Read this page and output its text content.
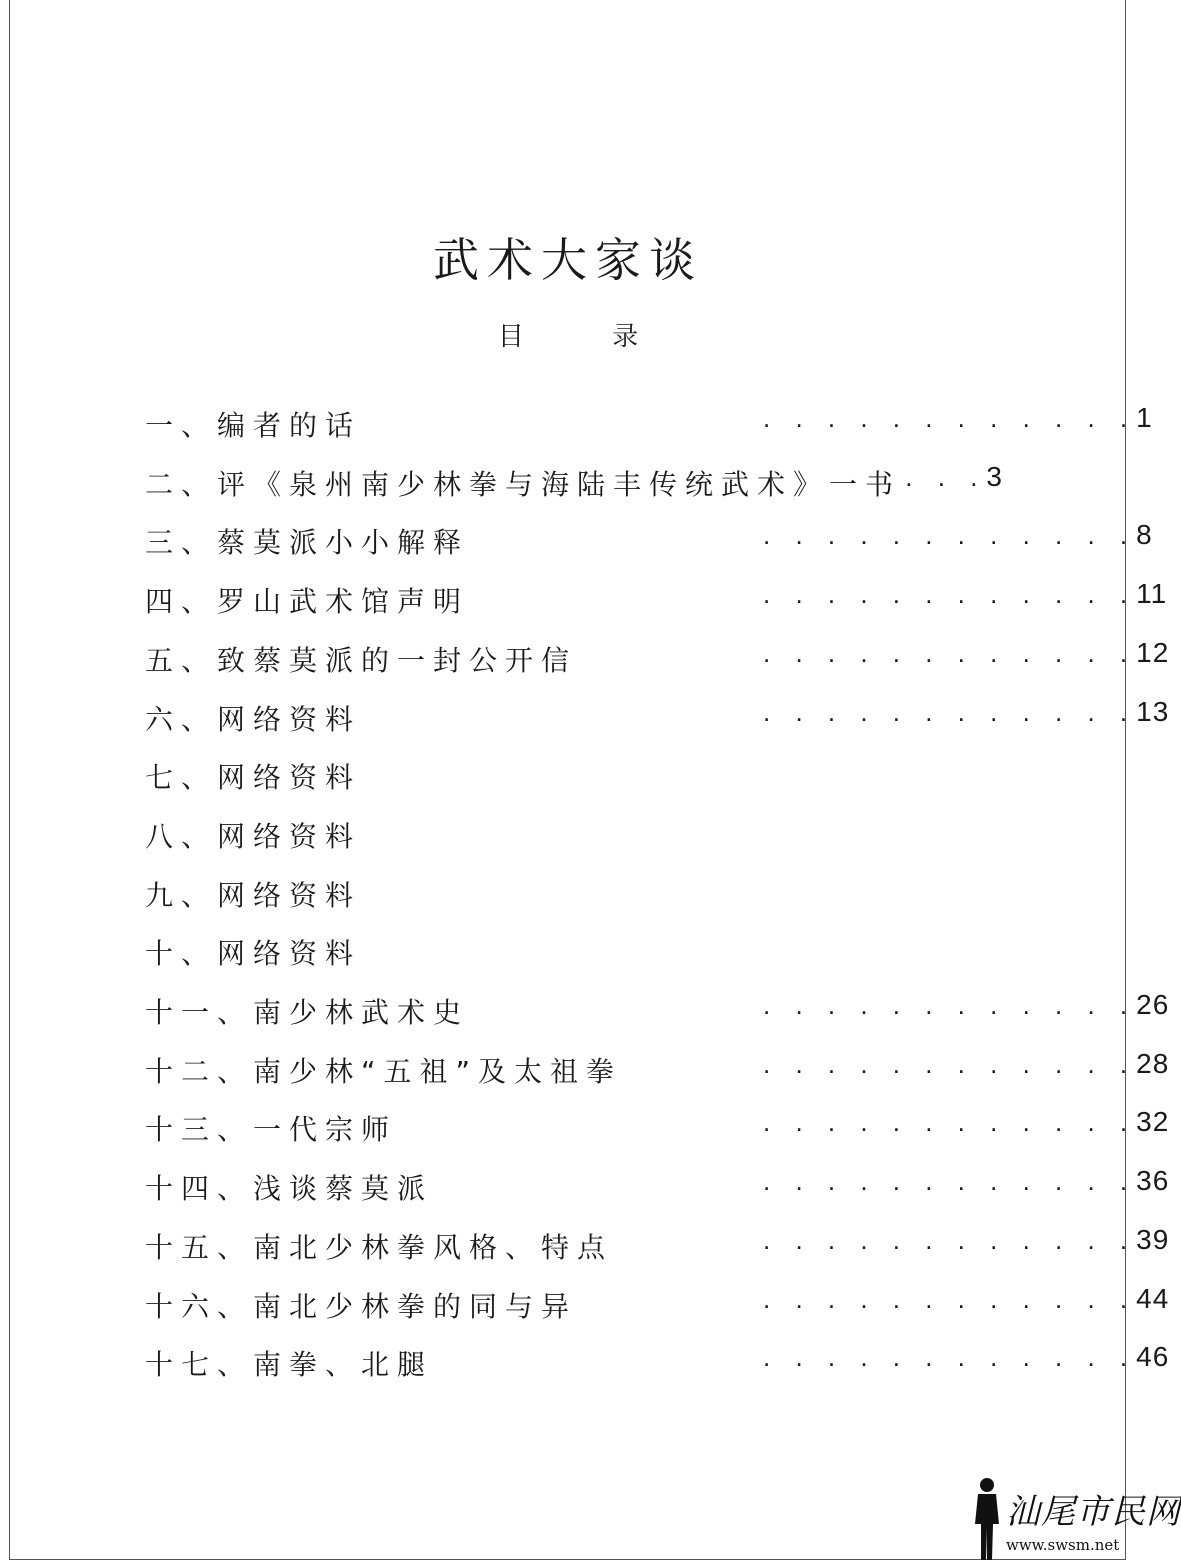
武术大家谈
目 录
一、编者的话	. . . . . . . . . . . .1
二、评《泉州南少林拳与海陆丰传统武术》一书 . . .3
三、蔡莫派小小解释	. . . . . . . . . . . .8
四、罗山武术馆声明	. . . . . . . . . . . .11
五、致蔡莫派的一封公开信	. . . . . . . . . . . .12
六、网络资料	. . . . . . . . . . . .13
七、网络资料
八、网络资料
九、网络资料
十、网络资料
十一、南少林武术史	. . . . . . . . . . . .26
十二、南少林“五祖”及太祖拳	. . . . . . . . . . . .28
十三、一代宗师	. . . . . . . . . . . .32
十四、浅谈蔡莫派	. . . . . . . . . . . .36
十五、南北少林拳风格、特点	. . . . . . . . . . . .39
十六、南北少林拳的同与异	. . . . . . . . . . . .44
十七、南拳、北腿	. . . . . . . . . . . .46
汕尾市民网
www.swsm.net
